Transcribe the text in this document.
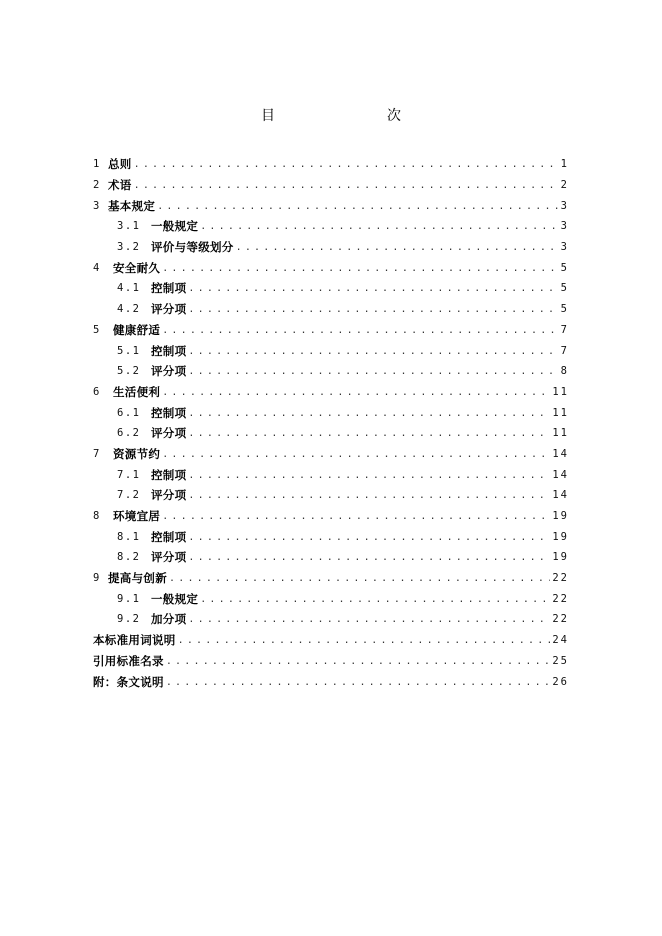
目　　次
1 总则 .....	1
2 术语 .....	2
3 基本规定 .....	3
3.1 一般规定 .....	3
3.2 评价与等级划分 .....	3
4	安全耐久 .....	5
4.1 控制项 .....	5
4.2 评分项 .....	5
5	健康舒适 .....	7
5.1 控制项 .....	7
5.2 评分项 .....	8
6	生活便利 .....	11
6.1 控制项 .....	11
6.2 评分项 .....	11
7	资源节约 .....	14
7.1 控制项 .....	14
7.2 评分项 .....	14
8	环境宜居 .....	19
8.1 控制项 .....	19
8.2 评分项 .....	19
9 提高与创新 .....	22
9.1 一般规定 .....	22
9.2 加分项 .....	22
本标准用词说明 .....	24
引用标准名录 .....	25
附：条文说明 .....	26
